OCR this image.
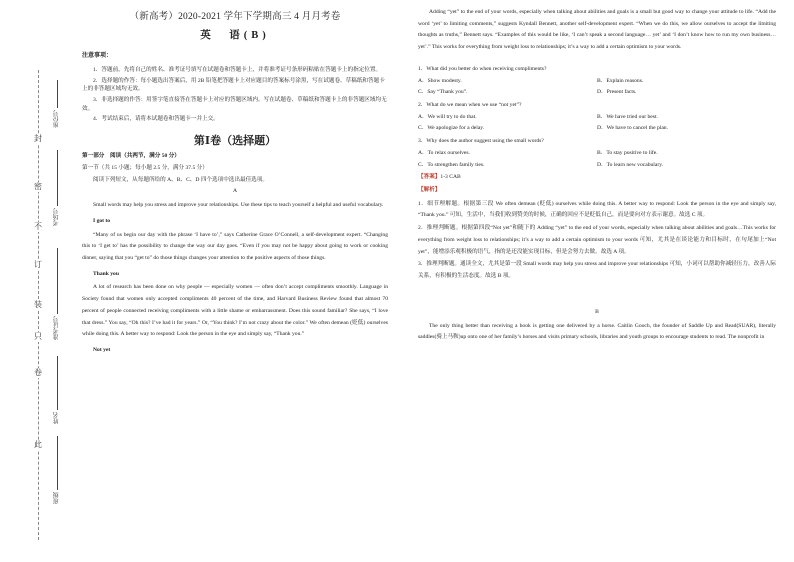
此
卷
只
装
订
不
密
封
座位号
考场号
准考证号
姓名
班级

（新高考）2020-2021 学年下学期高三 4 月月考卷

英　语(B)

注意事项：

1．答题前，先将自己的姓名、准考证号填写在试题卷和答题卡上，并将准考证号条形码粘贴在答题卡上的指定位置。

2．选择题的作答：每小题选出答案后，用 2B 铅笔把答题卡上对应题目的答案标号涂黑，写在试题卷、草稿纸和答题卡上的非答题区域均无效。

3．非选择题的作答：用签字笔直接答在答题卡上对应的答题区域内。写在试题卷、草稿纸和答题卡上的非答题区域均无效。

4．考试结束后，请将本试题卷和答题卡一并上交。

第Ⅰ卷（选择题）

第一部分　阅读（共两节，满分 50 分）

第一节（共 15 小题；每小题 2.5 分，满分 37.5 分）

阅读下列短文，从每题所给的 A、B、C、D 四个选项中选出最佳选项。

A

Small words may help you stress and improve your relationships. Use these tips to teach yourself a helpful and useful vocabulary.

I got to

“Many of us begin our day with the phrase ‘I have to’,” says Catherine Grace O’Connell, a self-development expert. “Changing this to ‘I get to’ has the possibility to change the way our day goes. “Even if you may not be happy about going to work or cooking dinner, saying that you “get to” do those things changes your attention to the positive aspects of those things.

Thank you

A lot of research has been done on why people — especially women — often don’t accept compliments smoothly. Language in Society found that women only accepted compliments 40 percent of the time, and Harvard Business Review found that almost 70 percent of people connected receiving compliments with a little shame or embarrassment. Does this sound familiar? She says, “I love that dress.” You say, “Oh this? I’ve had it for years.” Or, “You think? I’m not crazy about the color.” We often demean (贬低) ourselves while doing this. A better way to respond: Look the person in the eye and simply say, “Thank you.”

Not yet

Adding “yet” to the end of your words, especially when talking about abilities and goals is a small but good way to change your attitude to life. “Add the word ‘yet’ to limiting comments,” suggests Kyndall Bennett, another self-development expert. “When we do this, we allow ourselves to accept the limiting thoughts as truths,” Bennett says. “Examples of this would be like, ‘I can’t speak a second language… yet’ and ‘I don’t know how to run my own business… yet’.” This works for everything from weight loss to relationships; it’s a way to add a certain optimism to your words.

1．What did you better do when receiving compliments?

A．Show modesty.	B．Explain reasons.
C．Say “Thank you”.	D．Present facts.

2．What do we mean when we use “not yet”?

A．We will try to do that.	B．We have tried our best.
C．We apologize for a delay.	D．We have to cancel the plan.

3．Why does the author suggest using the small words?

A．To relax ourselves.	B．To stay positive to life.
C．To strengthen family ties.	D．To learn new vocabulary.

【答案】1-3 CAB

【解析】

1．细节理解题。根据第三段 We often demean (贬低) ourselves while doing this. A better way to respond: Look the person in the eye and simply say, “Thank you.” 可知，生活中，当我们收到赞美的时候，正确的回应不是贬低自己，而是要向对方表示谢意。故选 C 项。

2．推理判断题。根据第四段“Not yet”和随下的 Adding “yet” to the end of your words, especially when talking about abilities and goals…This works for everything from weight loss to relationships; it’s a way to add a certain optimism to your words 可知，尤其是在谈论能力和目标时，在句尾加上“Not yet”，能增添乐观积极的语气，指的是还没能实现目标，但是会努力去做。故选 A 项。

3．推理判断题。通读全文，尤其是第一段 Small words may help you stress and improve your relationships 可知，小词可以帮助你减轻压力，改善人际关系，有积极的生活态度。故选 B 项。

B

The only thing better than receiving a book is getting one delivered by a horse. Caitlin Gooch, the founder of Saddle Up and Read(SUAR), literally saddles(骑上马鞍)up onto one of her family’s horses and visits primary schools, libraries and youth groups to encourage students to read. The nonprofit in
